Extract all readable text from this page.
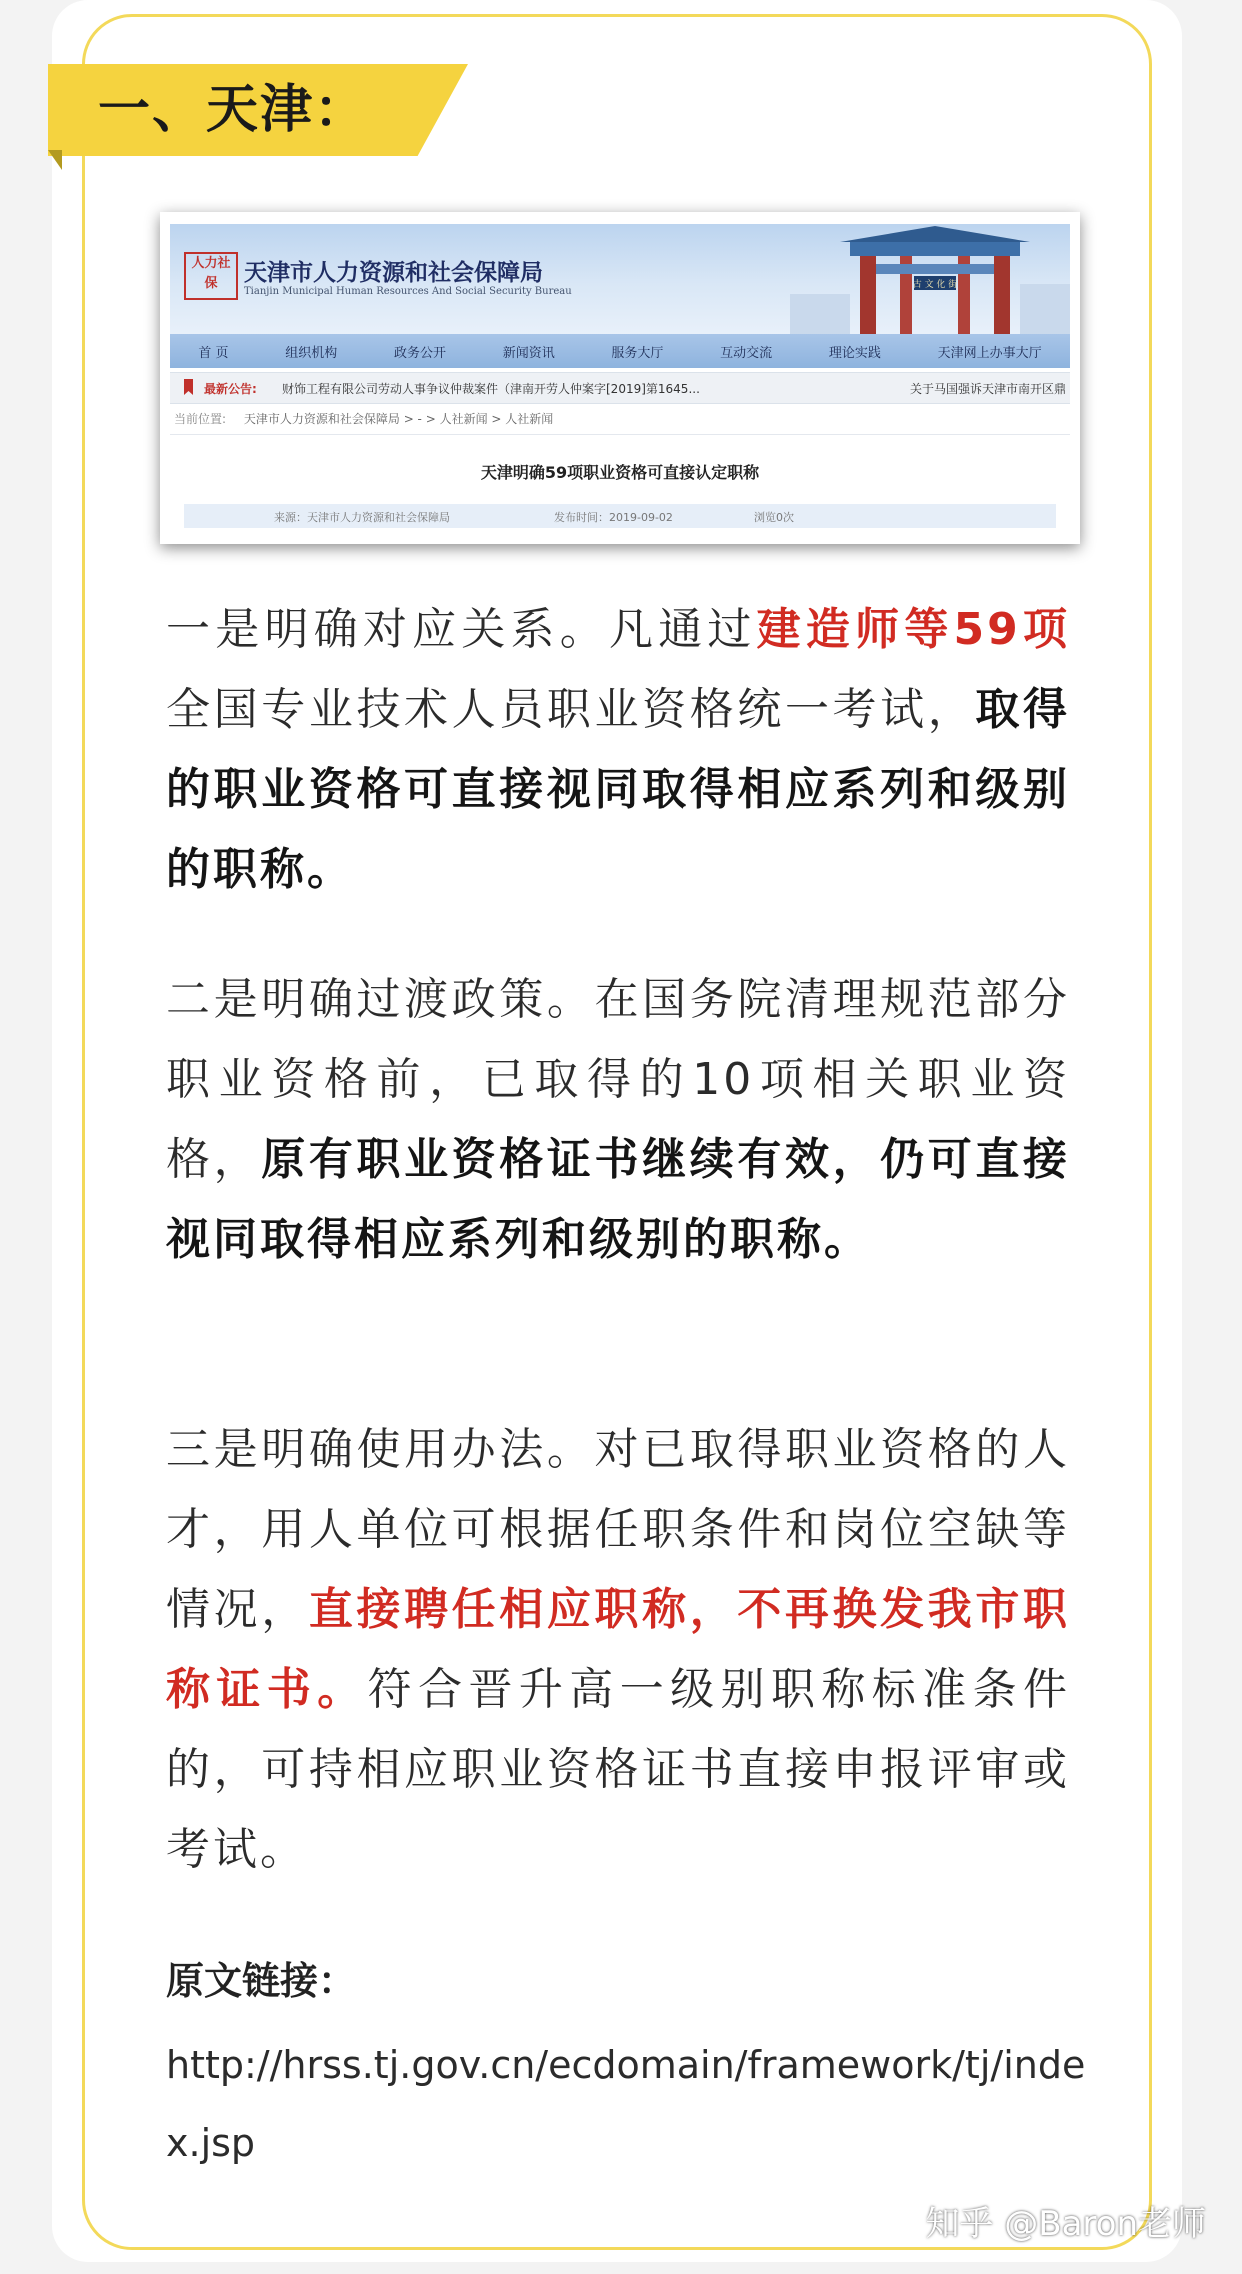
一、天津：
人力社保	天津市人力资源和社会保障局
Tianjin Municipal Human Resources And Social Security Bureau
古 文 化 街
首 页	组织机构	政务公开	新闻资讯	服务大厅	互动交流	理论实践	天津网上办事大厅
最新公告: 财饰工程有限公司劳动人事争议仲裁案件（津南开劳人仲案字[2019]第1645...	关于马国强诉天津市南开区鼎
当前位置: 天津市人力资源和社会保障局 > - > 人社新闻 > 人社新闻
天津明确59项职业资格可直接认定职称
来源：天津市人力资源和社会保障局	发布时间：2019-09-02	浏览0次
一是明确对应关系。凡通过建造师等59项全国专业技术人员职业资格统一考试，取得的职业资格可直接视同取得相应系列和级别的职称。
二是明确过渡政策。在国务院清理规范部分职业资格前，已取得的10项相关职业资格，原有职业资格证书继续有效，仍可直接视同取得相应系列和级别的职称。
三是明确使用办法。对已取得职业资格的人才，用人单位可根据任职条件和岗位空缺等情况，直接聘任相应职称，不再换发我市职称证书。符合晋升高一级别职称标准条件的，可持相应职业资格证书直接申报评审或考试。
原文链接：
http://hrss.tj.gov.cn/ecdomain/framework/tj/index.jsp
知乎 @Baron老师
